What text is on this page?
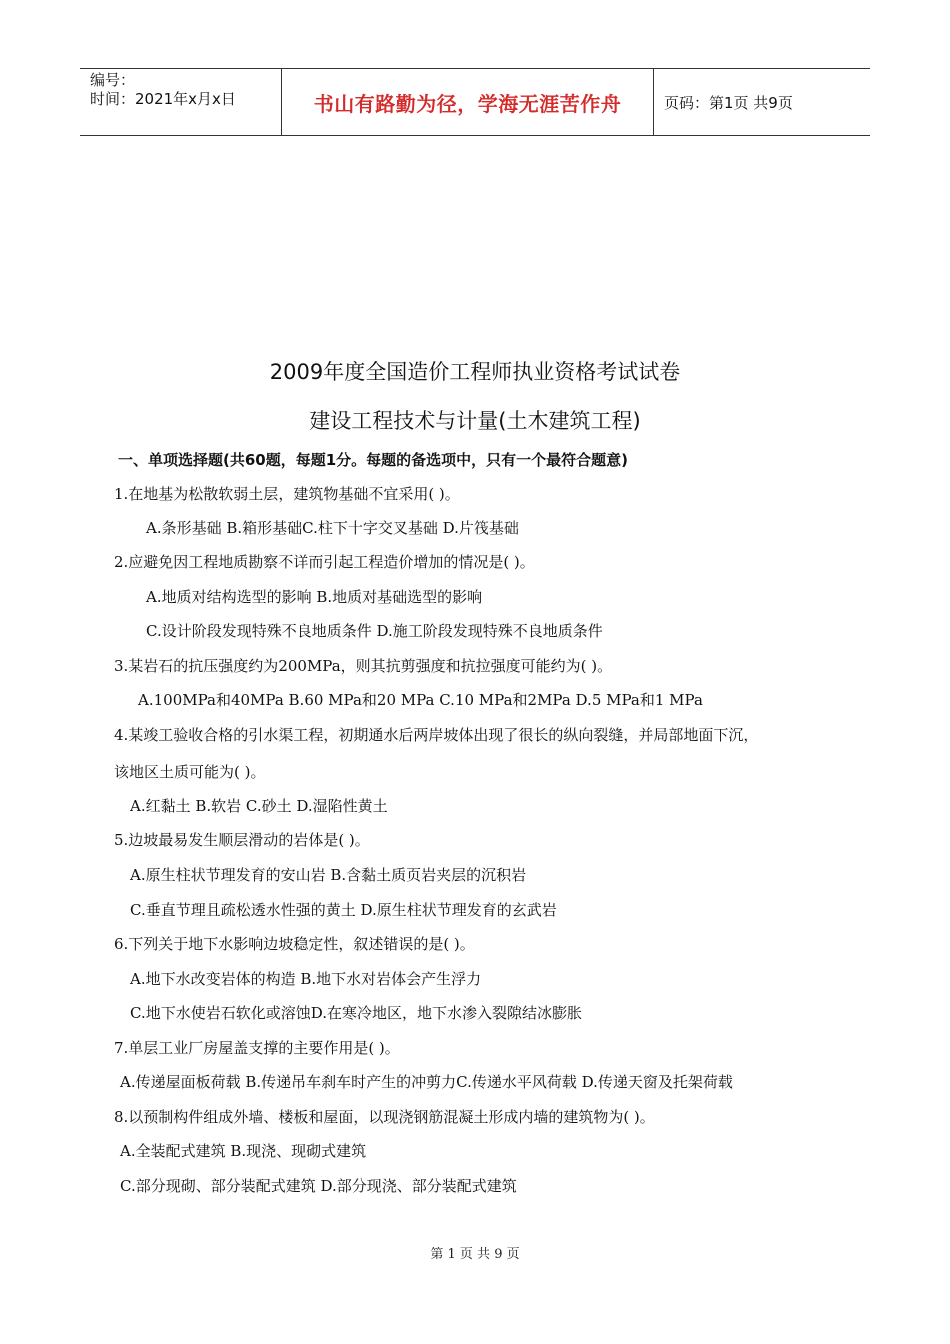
编号：
时间：2021年x月x日	书山有路勤为径，学海无涯苦作舟	页码：第1页 共9页
2009年度全国造价工程师执业资格考试试卷
建设工程技术与计量(土木建筑工程)
一、单项选择题(共60题，每题1分。每题的备选项中，只有一个最符合题意)
1.在地基为松散软弱土层，建筑物基础不宜采用( )。
A.条形基础 B.箱形基础C.柱下十字交叉基础 D.片筏基础
2.应避免因工程地质勘察不详而引起工程造价增加的情况是( )。
A.地质对结构选型的影响 B.地质对基础选型的影响
C.设计阶段发现特殊不良地质条件 D.施工阶段发现特殊不良地质条件
3.某岩石的抗压强度约为200MPa，则其抗剪强度和抗拉强度可能约为( )。
A.100MPa和40MPa B.60 MPa和20 MPa C.10 MPa和2MPa D.5 MPa和1 MPa
4.某竣工验收合格的引水渠工程，初期通水后两岸坡体出现了很长的纵向裂缝，并局部地面下沉，
该地区土质可能为( )。
A.红黏土 B.软岩 C.砂土 D.湿陷性黄土
5.边坡最易发生顺层滑动的岩体是( )。
A.原生柱状节理发育的安山岩 B.含黏土质页岩夹层的沉积岩
C.垂直节理且疏松透水性强的黄土 D.原生柱状节理发育的玄武岩
6.下列关于地下水影响边坡稳定性，叙述错误的是( )。
A.地下水改变岩体的构造 B.地下水对岩体会产生浮力
C.地下水使岩石软化或溶蚀D.在寒冷地区，地下水渗入裂隙结冰膨胀
7.单层工业厂房屋盖支撑的主要作用是( )。
A.传递屋面板荷载 B.传递吊车刹车时产生的冲剪力C.传递水平风荷载 D.传递天窗及托架荷载
8.以预制构件组成外墙、楼板和屋面，以现浇钢筋混凝土形成内墙的建筑物为( )。
A.全装配式建筑 B.现浇、现砌式建筑
C.部分现砌、部分装配式建筑 D.部分现浇、部分装配式建筑
第 1 页 共 9 页
